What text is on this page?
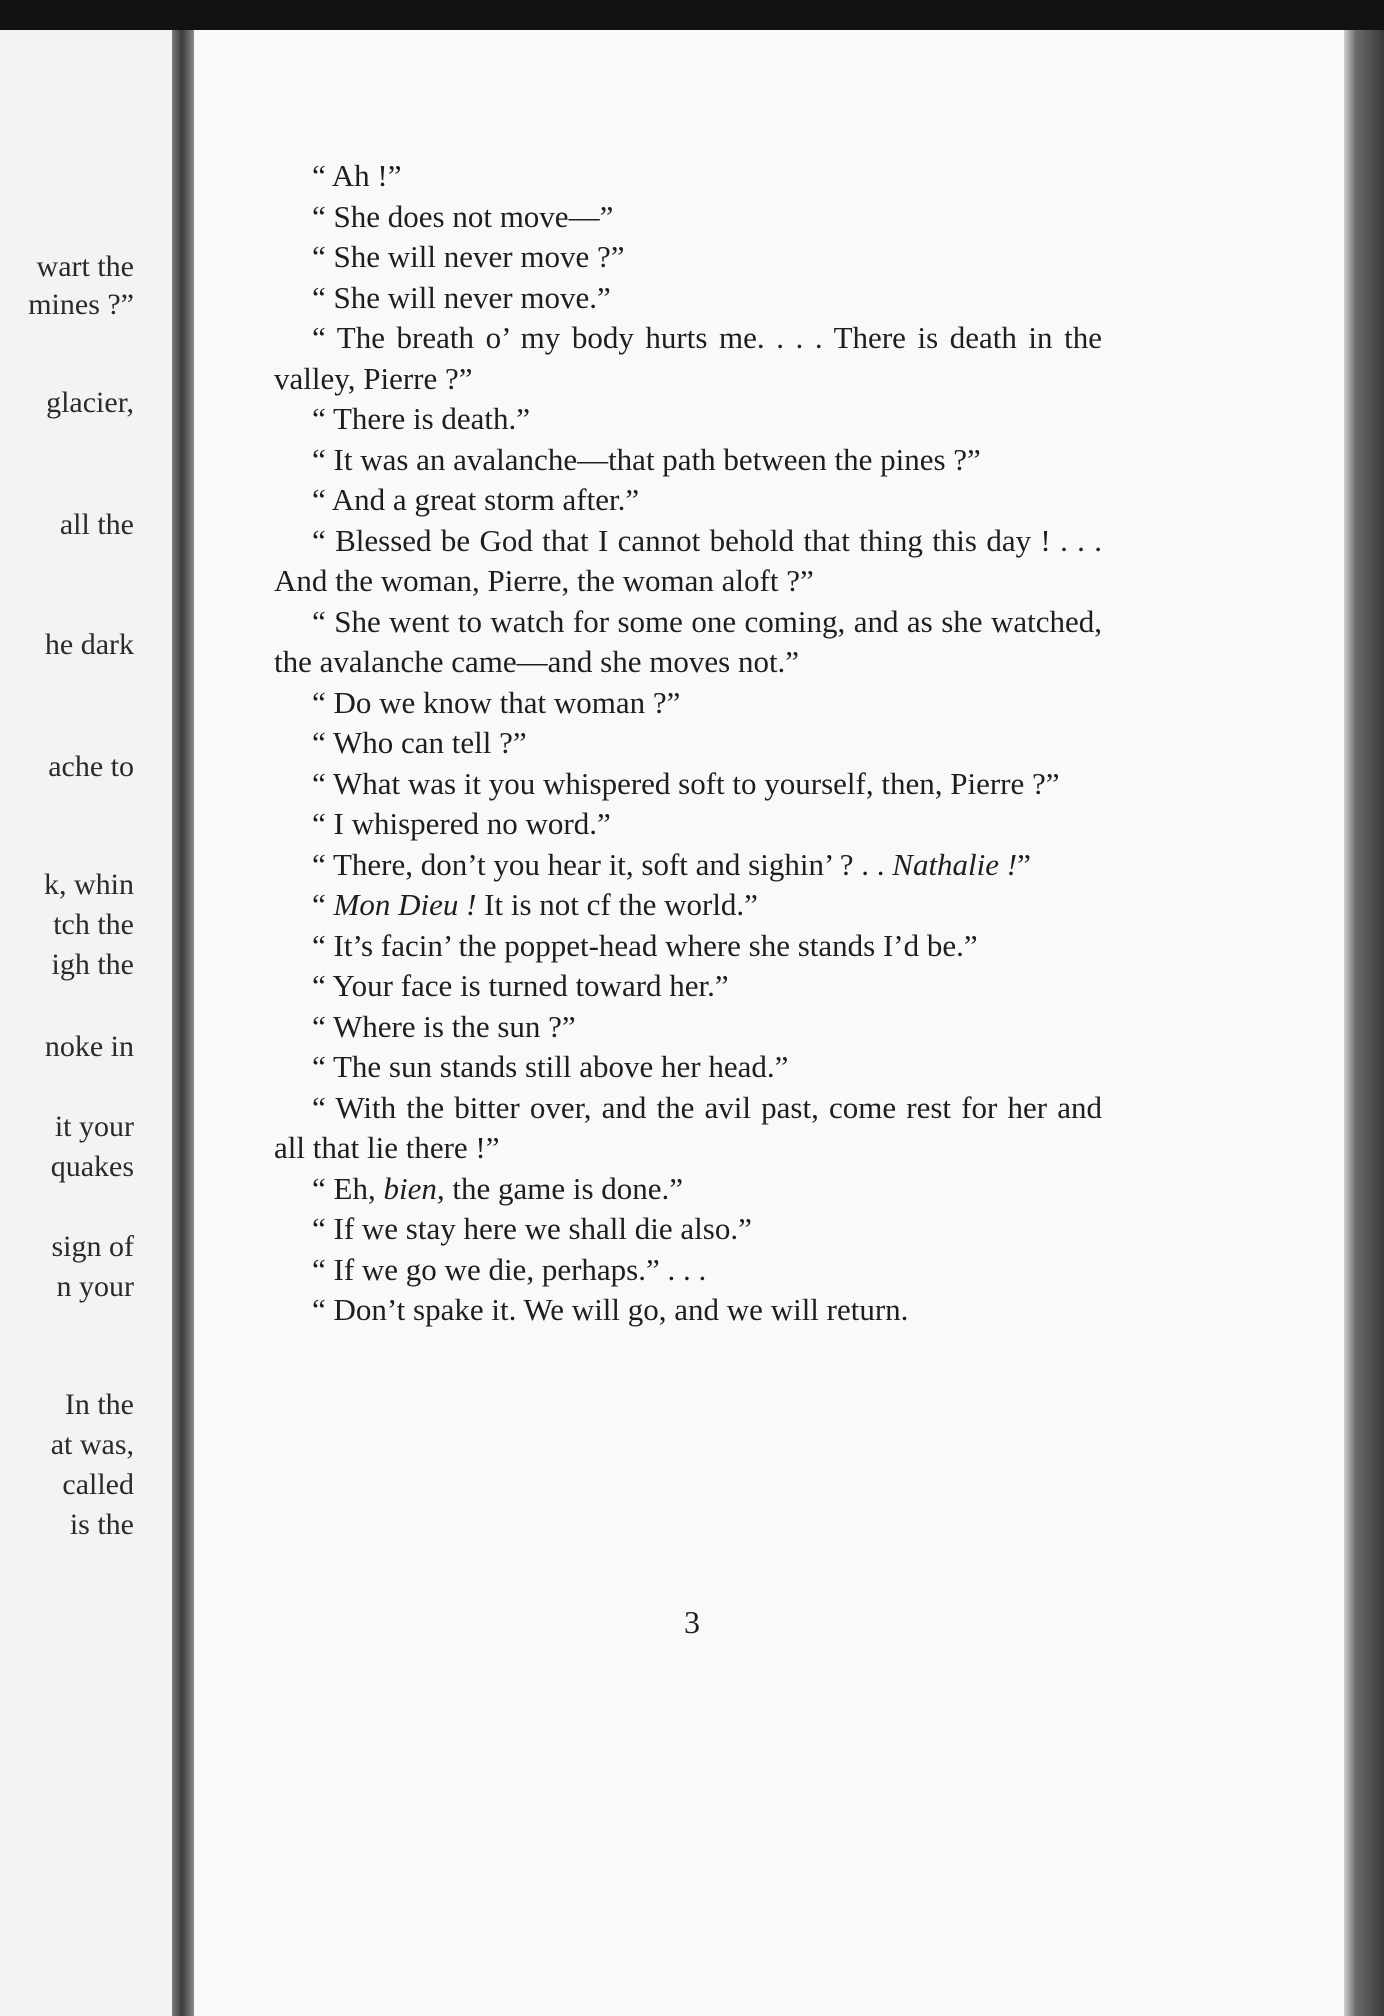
wart the
mines ?”
glacier,
all the
he dark
ache to
k, whin
tch the
igh the
noke in
it your
quakes
sign of
n your
In the
at was,
called
is the

“ Ah !”

“ She does not move—”

“ She will never move ?”

“ She will never move.”

“ The breath o’ my body hurts me. . . . There is death in the valley, Pierre ?”

“ There is death.”

“ It was an avalanche—that path between the pines ?”

“ And a great storm after.”

“ Blessed be God that I cannot behold that thing this day ! . . . And the woman, Pierre, the woman aloft ?”

“ She went to watch for some one coming, and as she watched, the avalanche came—and she moves not.”

“ Do we know that woman ?”

“ Who can tell ?”

“ What was it you whispered soft to yourself, then, Pierre ?”

“ I whispered no word.”

“ There, don’t you hear it, soft and sighin’ ? . . Nathalie !”

“ Mon Dieu ! It is not cf the world.”

“ It’s facin’ the poppet-head where she stands I’d be.”

“ Your face is turned toward her.”

“ Where is the sun ?”

“ The sun stands still above her head.”

“ With the bitter over, and the avil past, come rest for her and all that lie there !”

“ Eh, bien, the game is done.”

“ If we stay here we shall die also.”

“ If we go we die, perhaps.” . . .

“ Don’t spake it. We will go, and we will return.

3
